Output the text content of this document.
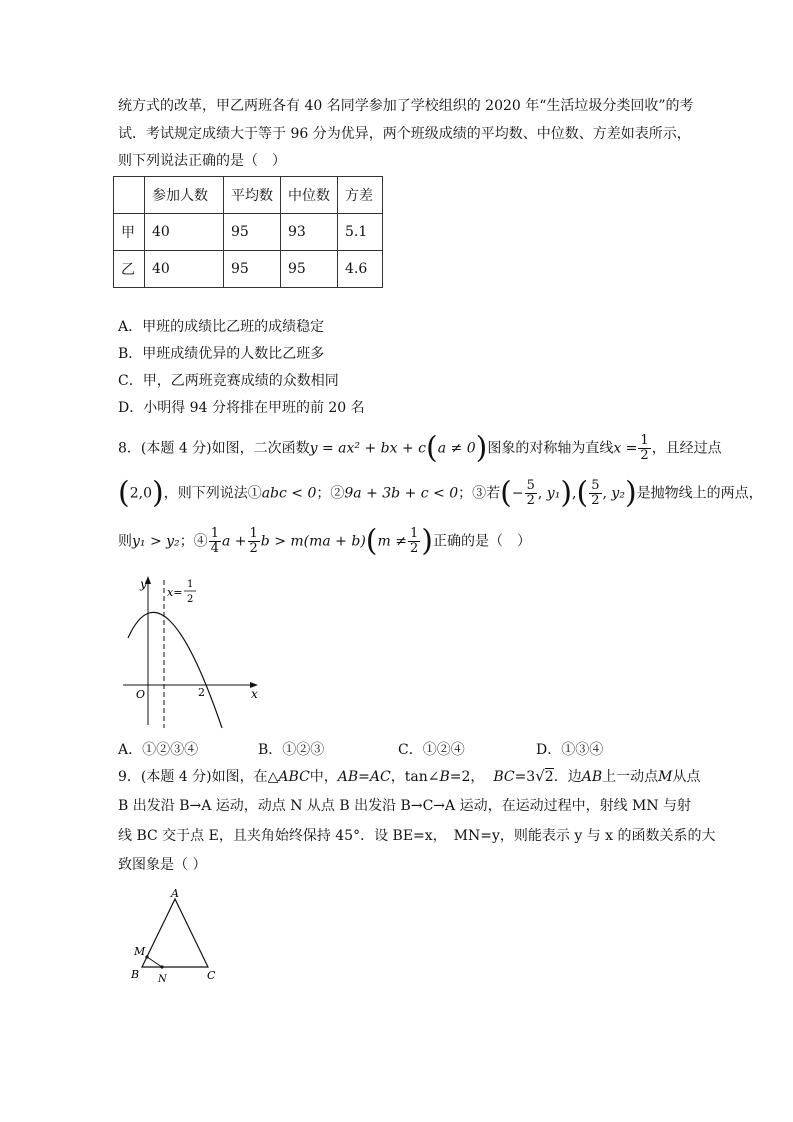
统方式的改革，甲乙两班各有 40 名同学参加了学校组织的 2020 年“生活垃圾分类回收”的考
试．考试规定成绩大于等于 96 分为优异，两个班级成绩的平均数、中位数、方差如表所示，
则下列说法正确的是（　）
	参加人数	平均数	中位数	方差
甲	40	95	93	5.1
乙	40	95	95	4.6
A．甲班的成绩比乙班的成绩稳定
B．甲班成绩优异的人数比乙班多
C．甲，乙两班竞赛成绩的众数相同
D．小明得 94 分将排在甲班的前 20 名
8．(本题 4 分)如图，二次函数y = ax² + bx + c(a ≠ 0)图象的对称轴为直线$x = \frac{1}{2}$ ，且经过点
(2,0)，则下列说法①abc < 0；②9a + 3b + c < 0；③若(− $\frac{5}{2}$ , $y_1),( \frac{5}{2}$ , y₂)是抛物线上的两点，
则y₁ > y₂；④ $\frac{1}{4}$ $a + \frac{1}{2}$ $b > m(ma + b)(m \ne \frac{1}{2}$ )正确的是（　）
y
x
O	2
x=
1
2
A．①②③④	B．①②③	C．①②④	D．①③④
9．(本题 4 分)如图，在△ABC中，AB=AC，tan∠B=2， BC=3√2．边AB上一动点M从点
B 出发沿 B→A 运动，动点 N 从点 B 出发沿 B→C→A 运动，在运动过程中，射线 MN 与射
线 BC 交于点 E，且夹角始终保持 45°．设 BE=x，　MN=y，则能表示 y 与 x 的函数关系的大
致图象是（ ）
A
B	C
M
N
